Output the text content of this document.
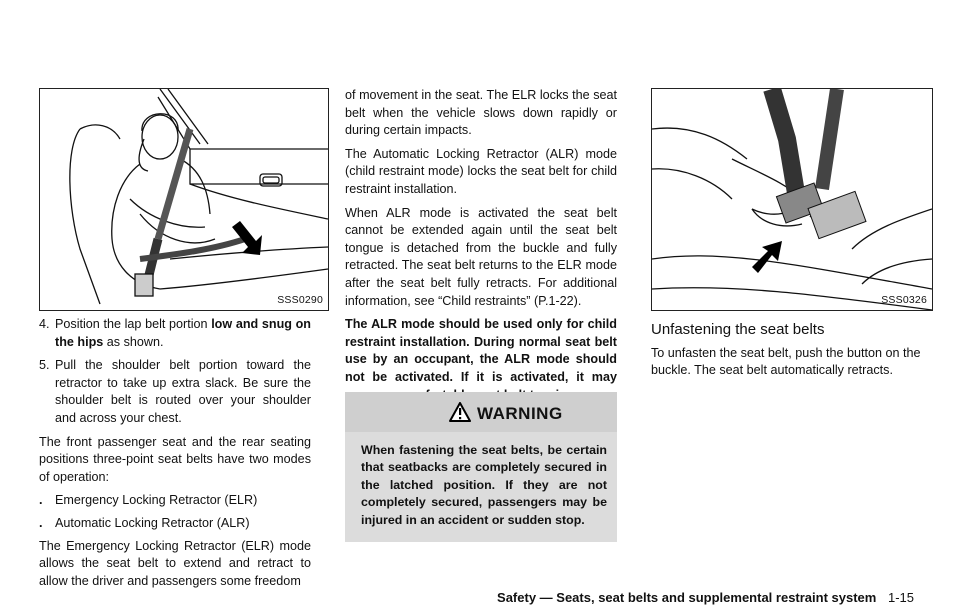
SSS0290
4. Position the lap belt portion low and snug on the hips as shown.
5. Pull the shoulder belt portion toward the retractor to take up extra slack. Be sure the shoulder belt is routed over your shoulder and across your chest.

The front passenger seat and the rear seating positions three-point seat belts have two modes of operation:

. Emergency Locking Retractor (ELR)
. Automatic Locking Retractor (ALR)

The Emergency Locking Retractor (ELR) mode allows the seat belt to extend and retract to allow the driver and passengers some freedom

of movement in the seat. The ELR locks the seat belt when the vehicle slows down rapidly or during certain impacts.

The Automatic Locking Retractor (ALR) mode (child restraint mode) locks the seat belt for child restraint installation.

When ALR mode is activated the seat belt cannot be extended again until the seat belt tongue is detached from the buckle and fully retracted. The seat belt returns to the ELR mode after the seat belt fully retracts. For additional information, see “Child restraints” (P.1-22).

The ALR mode should be used only for child restraint installation. During normal seat belt use by an occupant, the ALR mode should not be activated. If it is activated, it may

WARNING
When fastening the seat belts, be certain that seatbacks are completely secured in the latched position. If they are not completely secured, passengers may be injured in an accident or sudden stop.
SSS0326
Unfastening the seat belts

To unfasten the seat belt, push the button on the buckle. The seat belt automatically retracts.

Safety — Seats, seat belts and supplemental restraint system 1-15
